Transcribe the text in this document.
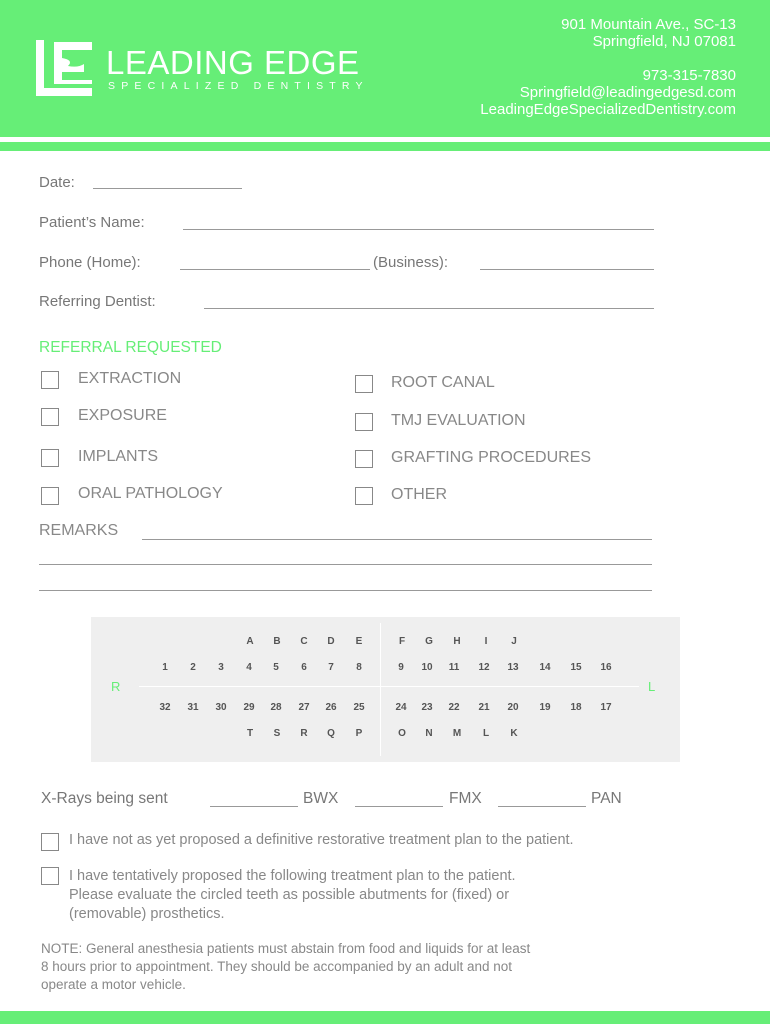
LEADING EDGE
SPECIALIZED DENTISTRY
901 Mountain Ave., SC-13
Springfield, NJ 07081
973-315-7830
Springfield@leadingedgesd.com
LeadingEdgeSpecializedDentistry.com
Date:
Patient’s Name:
Phone (Home):	(Business):
Referring Dentist:
REFERRAL REQUESTED
EXTRACTION
EXPOSURE
IMPLANTS
ORAL PATHOLOGY
ROOT CANAL
TMJ EVALUATION
GRAFTING PROCEDURES
OTHER
REMARKS
R	L
A B C D E	F G H I J
1 2 3 4 5 6 7 8	9 10 11 12 13 14 15 16
32 31 30 29 28 27 26 25	24 23 22 21 20 19 18 17
T S R Q P	O N M L K
X-Rays being sent	BWX	FMX	PAN
I have not as yet proposed a definitive restorative treatment plan to the patient.
I have tentatively proposed the following treatment plan to the patient.
Please evaluate the circled teeth as possible abutments for (fixed) or
(removable) prosthetics.
NOTE: General anesthesia patients must abstain from food and liquids for at least
8 hours prior to appointment. They should be accompanied by an adult and not
operate a motor vehicle.
